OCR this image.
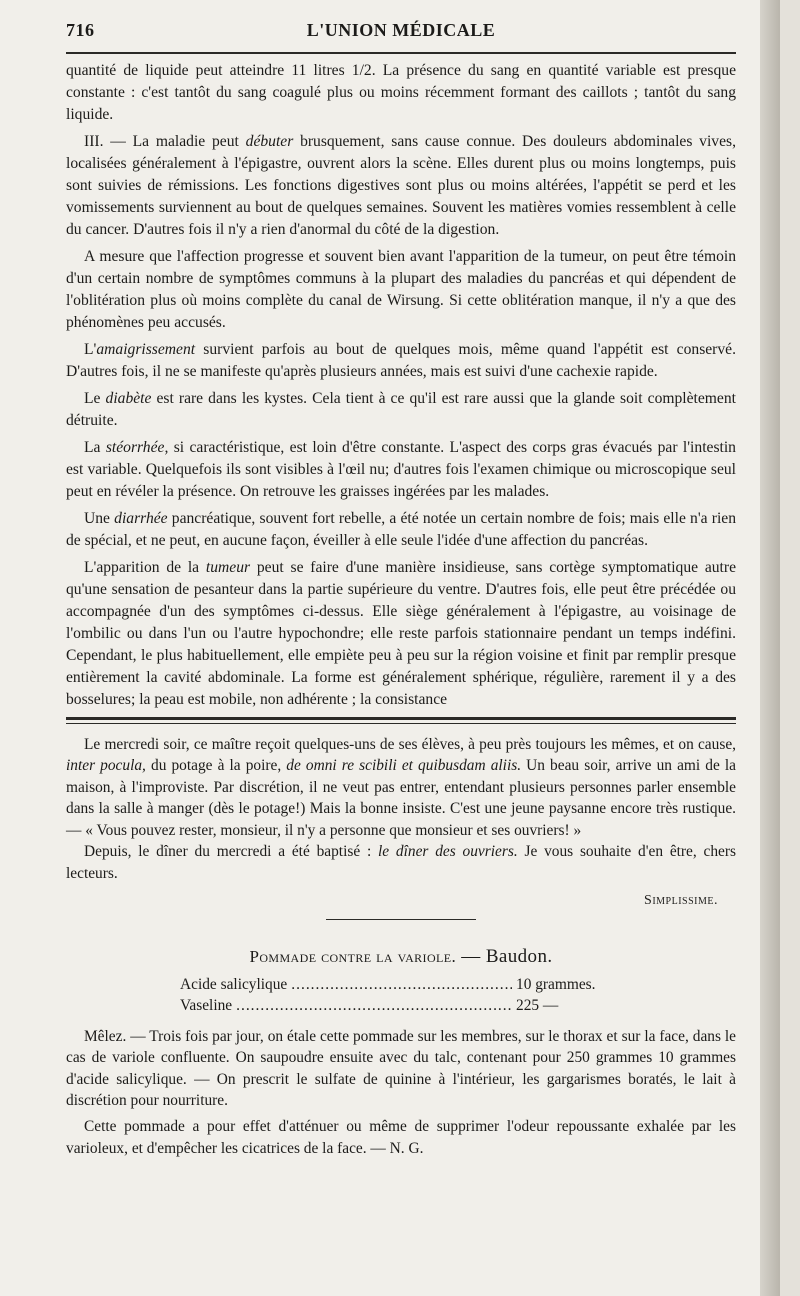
716	L'UNION MÉDICALE

quantité de liquide peut atteindre 11 litres 1/2. La présence du sang en quantité variable est presque constante : c'est tantôt du sang coagulé plus ou moins récemment formant des caillots ; tantôt du sang liquide.

III. — La maladie peut débuter brusquement, sans cause connue. Des douleurs abdominales vives, localisées généralement à l'épigastre, ouvrent alors la scène. Elles durent plus ou moins longtemps, puis sont suivies de rémissions. Les fonctions digestives sont plus ou moins altérées, l'appétit se perd et les vomissements surviennent au bout de quelques semaines. Souvent les matières vomies ressemblent à celle du cancer. D'autres fois il n'y a rien d'anormal du côté de la digestion.

A mesure que l'affection progresse et souvent bien avant l'apparition de la tumeur, on peut être témoin d'un certain nombre de symptômes communs à la plupart des maladies du pancréas et qui dépendent de l'oblitération plus où moins complète du canal de Wirsung. Si cette oblitération manque, il n'y a que des phénomènes peu accusés.

L'amaigrissement survient parfois au bout de quelques mois, même quand l'appétit est conservé. D'autres fois, il ne se manifeste qu'après plusieurs années, mais est suivi d'une cachexie rapide.

Le diabète est rare dans les kystes. Cela tient à ce qu'il est rare aussi que la glande soit complètement détruite.

La stéorrhée, si caractéristique, est loin d'être constante. L'aspect des corps gras évacués par l'intestin est variable. Quelquefois ils sont visibles à l'œil nu; d'autres fois l'examen chimique ou microscopique seul peut en révéler la présence. On retrouve les graisses ingérées par les malades.

Une diarrhée pancréatique, souvent fort rebelle, a été notée un certain nombre de fois; mais elle n'a rien de spécial, et ne peut, en aucune façon, éveiller à elle seule l'idée d'une affection du pancréas.

L'apparition de la tumeur peut se faire d'une manière insidieuse, sans cortège symptomatique autre qu'une sensation de pesanteur dans la partie supérieure du ventre. D'autres fois, elle peut être précédée ou accompagnée d'un des symptômes ci-dessus. Elle siège généralement à l'épigastre, au voisinage de l'ombilic ou dans l'un ou l'autre hypochondre; elle reste parfois stationnaire pendant un temps indéfini. Cependant, le plus habituellement, elle empiète peu à peu sur la région voisine et finit par remplir presque entièrement la cavité abdominale. La forme est généralement sphérique, régulière, rarement il y a des bosselures; la peau est mobile, non adhérente ; la consistance

Le mercredi soir, ce maître reçoit quelques-uns de ses élèves, à peu près toujours les mêmes, et on cause, inter pocula, du potage à la poire, de omni re scibili et quibusdam aliis. Un beau soir, arrive un ami de la maison, à l'improviste. Par discrétion, il ne veut pas entrer, entendant plusieurs personnes parler ensemble dans la salle à manger (dès le potage!) Mais la bonne insiste. C'est une jeune paysanne encore très rustique. — « Vous pouvez rester, monsieur, il n'y a personne que monsieur et ses ouvriers! »

Depuis, le dîner du mercredi a été baptisé : le dîner des ouvriers. Je vous souhaite d'en être, chers lecteurs.

Simplissime.
Pommade contre la variole. — Baudon.
Acide salicylique .....	10 grammes.
Vaseline .....	225 —

Mêlez. — Trois fois par jour, on étale cette pommade sur les membres, sur le thorax et sur la face, dans le cas de variole confluente. On saupoudre ensuite avec du talc, contenant pour 250 grammes 10 grammes d'acide salicylique. — On prescrit le sulfate de quinine à l'intérieur, les gargarismes boratés, le lait à discrétion pour nourriture.

Cette pommade a pour effet d'atténuer ou même de supprimer l'odeur repoussante exhalée par les varioleux, et d'empêcher les cicatrices de la face. — N. G.
